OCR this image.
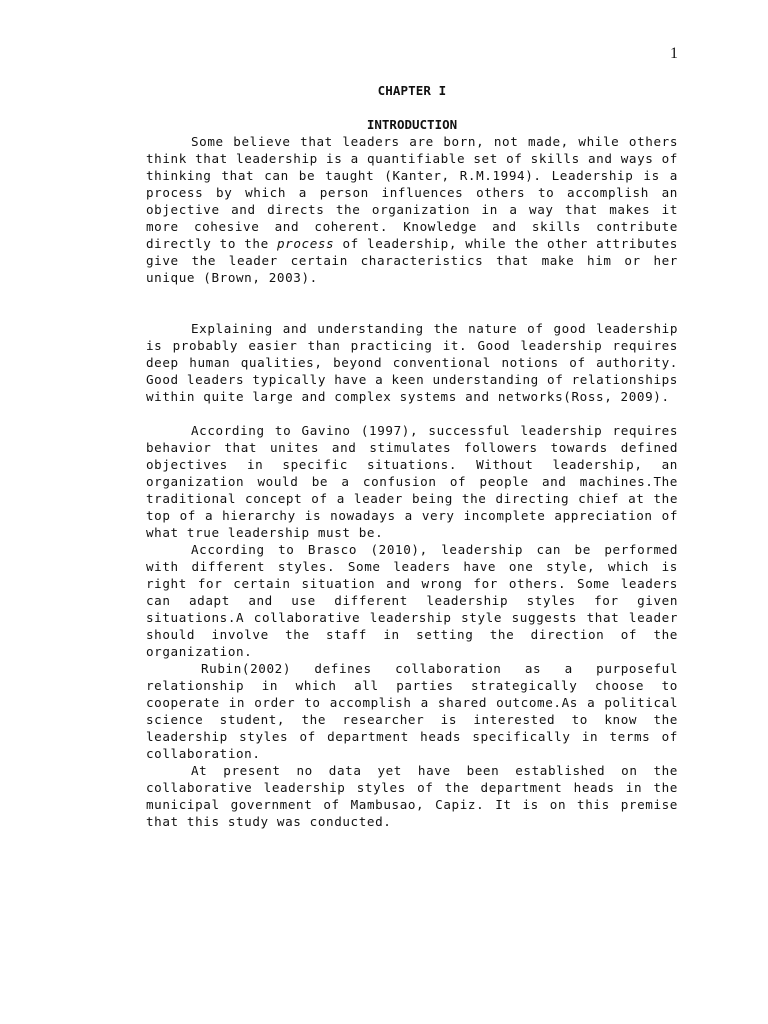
1
CHAPTER I
INTRODUCTION

Some believe that leaders are born, not made, while others think that leadership is a quantifiable set of skills and ways of thinking that can be taught (Kanter, R.M.1994). Leadership is a process by which a person influences others to accomplish an objective and directs the organization in a way that makes it more cohesive and coherent. Knowledge and skills contribute directly to the process of leadership, while the other attributes give the leader certain characteristics that make him or her unique (Brown, 2003).

Explaining and understanding the nature of good leadership is probably easier than practicing it. Good leadership requires deep human qualities, beyond conventional notions of authority. Good leaders typically have a keen understanding of relationships within quite large and complex systems and networks(Ross, 2009).

According to Gavino (1997), successful leadership requires behavior that unites and stimulates followers towards defined objectives in specific situations. Without leadership, an organization would be a confusion of people and machines.The traditional concept of a leader being the directing chief at the top of a hierarchy is nowadays a very incomplete appreciation of what true leadership must be.

According to Brasco (2010), leadership can be performed with different styles. Some leaders have one style, which is right for certain situation and wrong for others. Some leaders can adapt and use different leadership styles for given situations.A collaborative leadership style suggests that leader should involve the staff in setting the direction of the organization.

Rubin(2002) defines collaboration as a purposeful relationship in which all parties strategically choose to cooperate in order to accomplish a shared outcome.As a political science student, the researcher is interested to know the leadership styles of department heads specifically in terms of collaboration.

At present no data yet have been established on the collaborative leadership styles of the department heads in the municipal government of Mambusao, Capiz. It is on this premise that this study was conducted.
